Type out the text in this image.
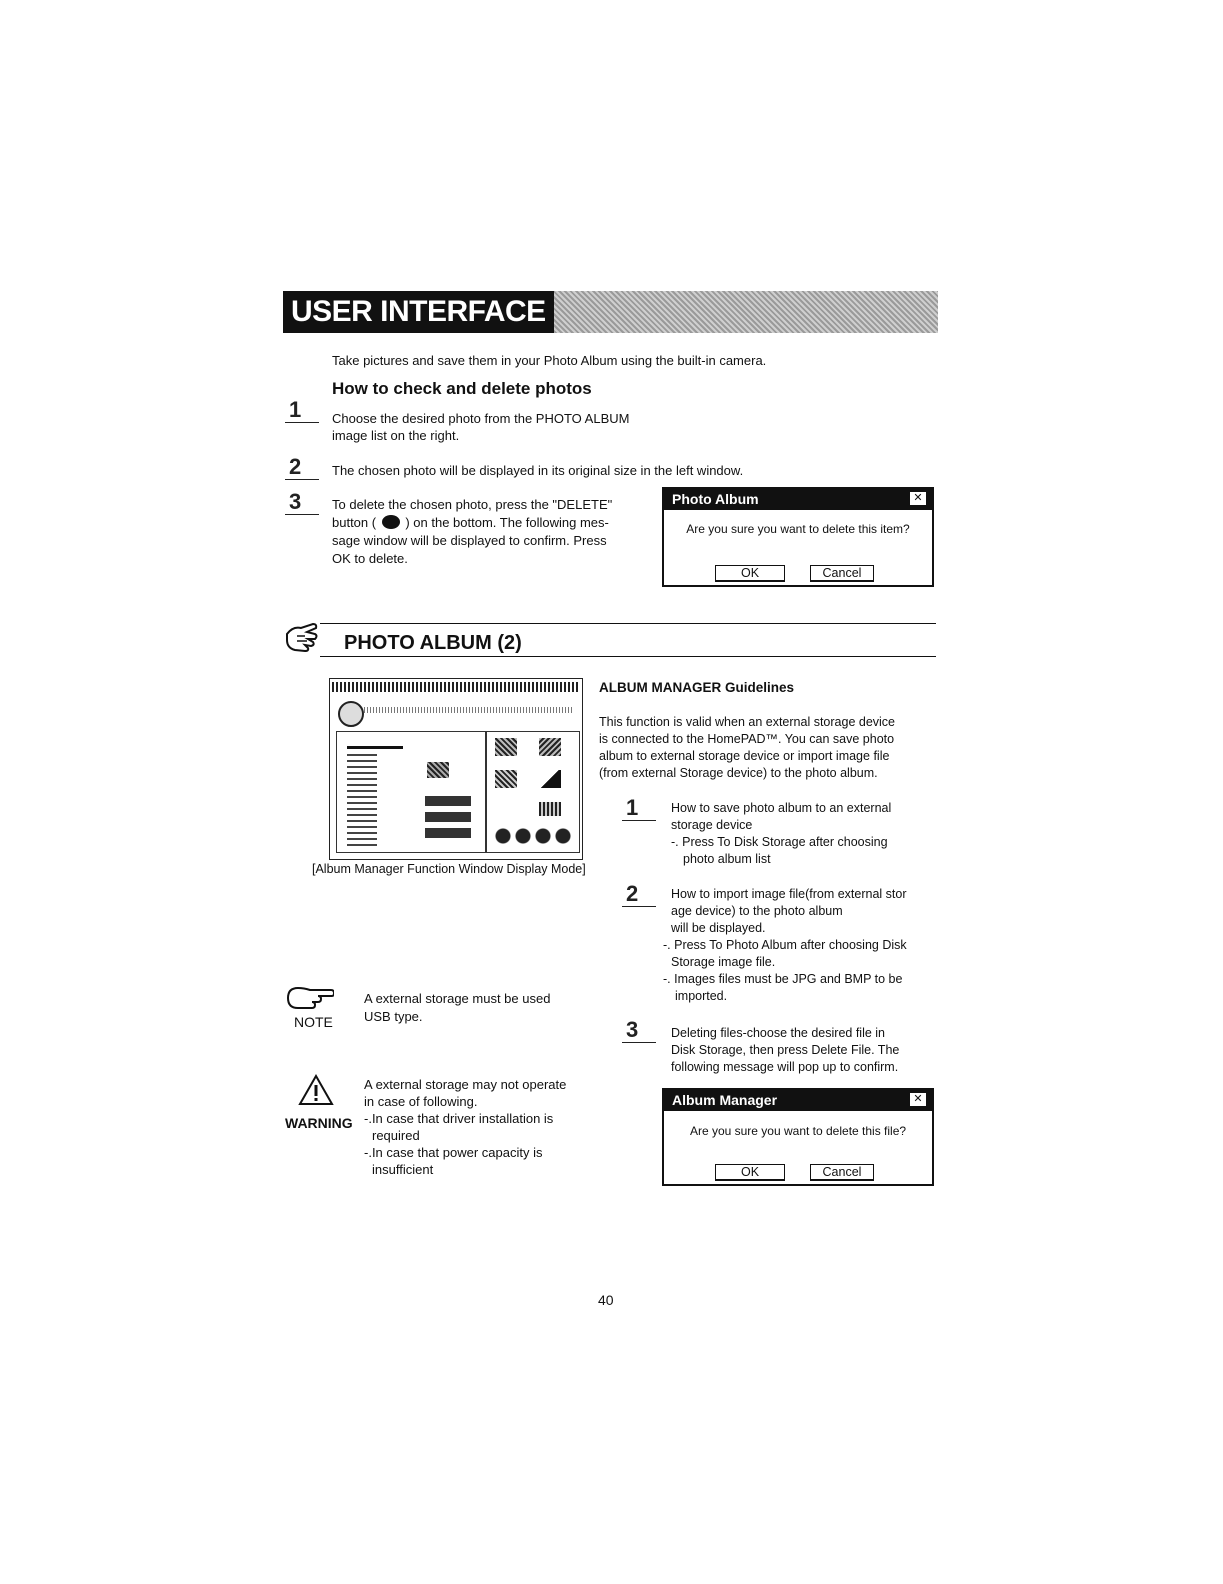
USER INTERFACE
Take pictures and save them in your Photo Album using the built-in camera.
How to check and delete photos
1	Choose the desired photo from the PHOTO ALBUM
image list on the right.
2	The chosen photo will be displayed in its original size in the left window.
3	To delete the chosen photo, press the "DELETE"
button ( ) on the bottom. The following mes-
sage window will be displayed to confirm. Press
OK to delete.
Photo Album	✕
Are you sure you want to delete this item?
OK	Cancel
PHOTO ALBUM (2)
[Album Manager Function Window Display Mode]
ALBUM MANAGER Guidelines
This function is valid when an external storage device
is connected to the HomePAD™. You can save photo
album to external storage device or import image file
(from external Storage device) to the photo album.
1	How to save photo album to an external
storage device
-. Press To Disk Storage after choosing
photo album list
2	How to import image file(from external stor
age device) to the photo album
will be displayed.
-. Press To Photo Album after choosing Disk
Storage image file.
-. Images files must be JPG and BMP to be
imported.
3	Deleting files-choose the desired file in
Disk Storage, then press Delete File. The
following message will pop up to confirm.
Album Manager	✕
Are you sure you want to delete this file?
OK	Cancel
NOTE
A external storage must be used
USB type.
WARNING
A external storage may not operate
in case of following.
-.In case that driver installation is
required
-.In case that power capacity is
insufficient
40
